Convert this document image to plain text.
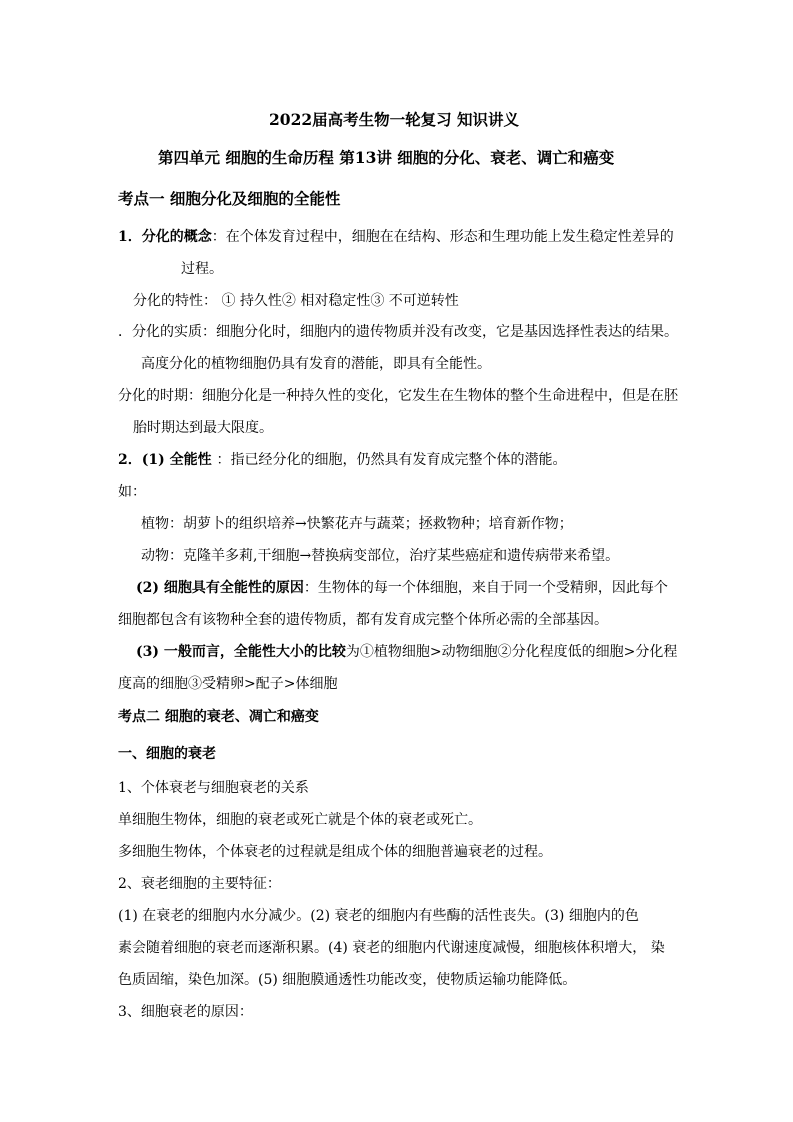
2022届高考生物一轮复习 知识讲义
第四单元 细胞的生命历程 第13讲 细胞的分化、衰老、调亡和癌变
考点一 细胞分化及细胞的全能性
1．分化的概念：在个体发育过程中，细胞在在结构、形态和生理功能上发生稳定性差异的
过程。
分化的特性： ① 持久性② 相对稳定性③ 不可逆转性
．分化的实质：细胞分化时，细胞内的遗传物质并没有改变，它是基因选择性表达的结果。
高度分化的植物细胞仍具有发育的潜能，即具有全能性。
分化的时期：细胞分化是一种持久性的变化，它发生在生物体的整个生命进程中，但是在胚
胎时期达到最大限度。
2．(1) 全能性 ：指已经分化的细胞，仍然具有发育成完整个体的潜能。
如：
植物：胡萝卜的组织培养→快繁花卉与蔬菜；拯救物种；培育新作物；
动物：克隆羊多莉,干细胞→替换病变部位，治疗某些癌症和遗传病带来希望。
(2) 细胞具有全能性的原因：生物体的每一个体细胞，来自于同一个受精卵，因此每个
细胞都包含有该物种全套的遗传物质，都有发育成完整个体所必需的全部基因。
(3) 一般而言，全能性大小的比较为①植物细胞>动物细胞②分化程度低的细胞>分化程
度高的细胞③受精卵>配子>体细胞
考点二 细胞的衰老、凋亡和癌变
一、细胞的衰老
1、个体衰老与细胞衰老的关系
单细胞生物体，细胞的衰老或死亡就是个体的衰老或死亡。
多细胞生物体，个体衰老的过程就是组成个体的细胞普遍衰老的过程。
2、衰老细胞的主要特征：
(1) 在衰老的细胞内水分减少。(2) 衰老的细胞内有些酶的活性丧失。(3) 细胞内的色
素会随着细胞的衰老而逐渐积累。(4) 衰老的细胞内代谢速度减慢，细胞核体积增大， 染
色质固缩，染色加深。(5) 细胞膜通透性功能改变，使物质运输功能降低。
3、细胞衰老的原因：
